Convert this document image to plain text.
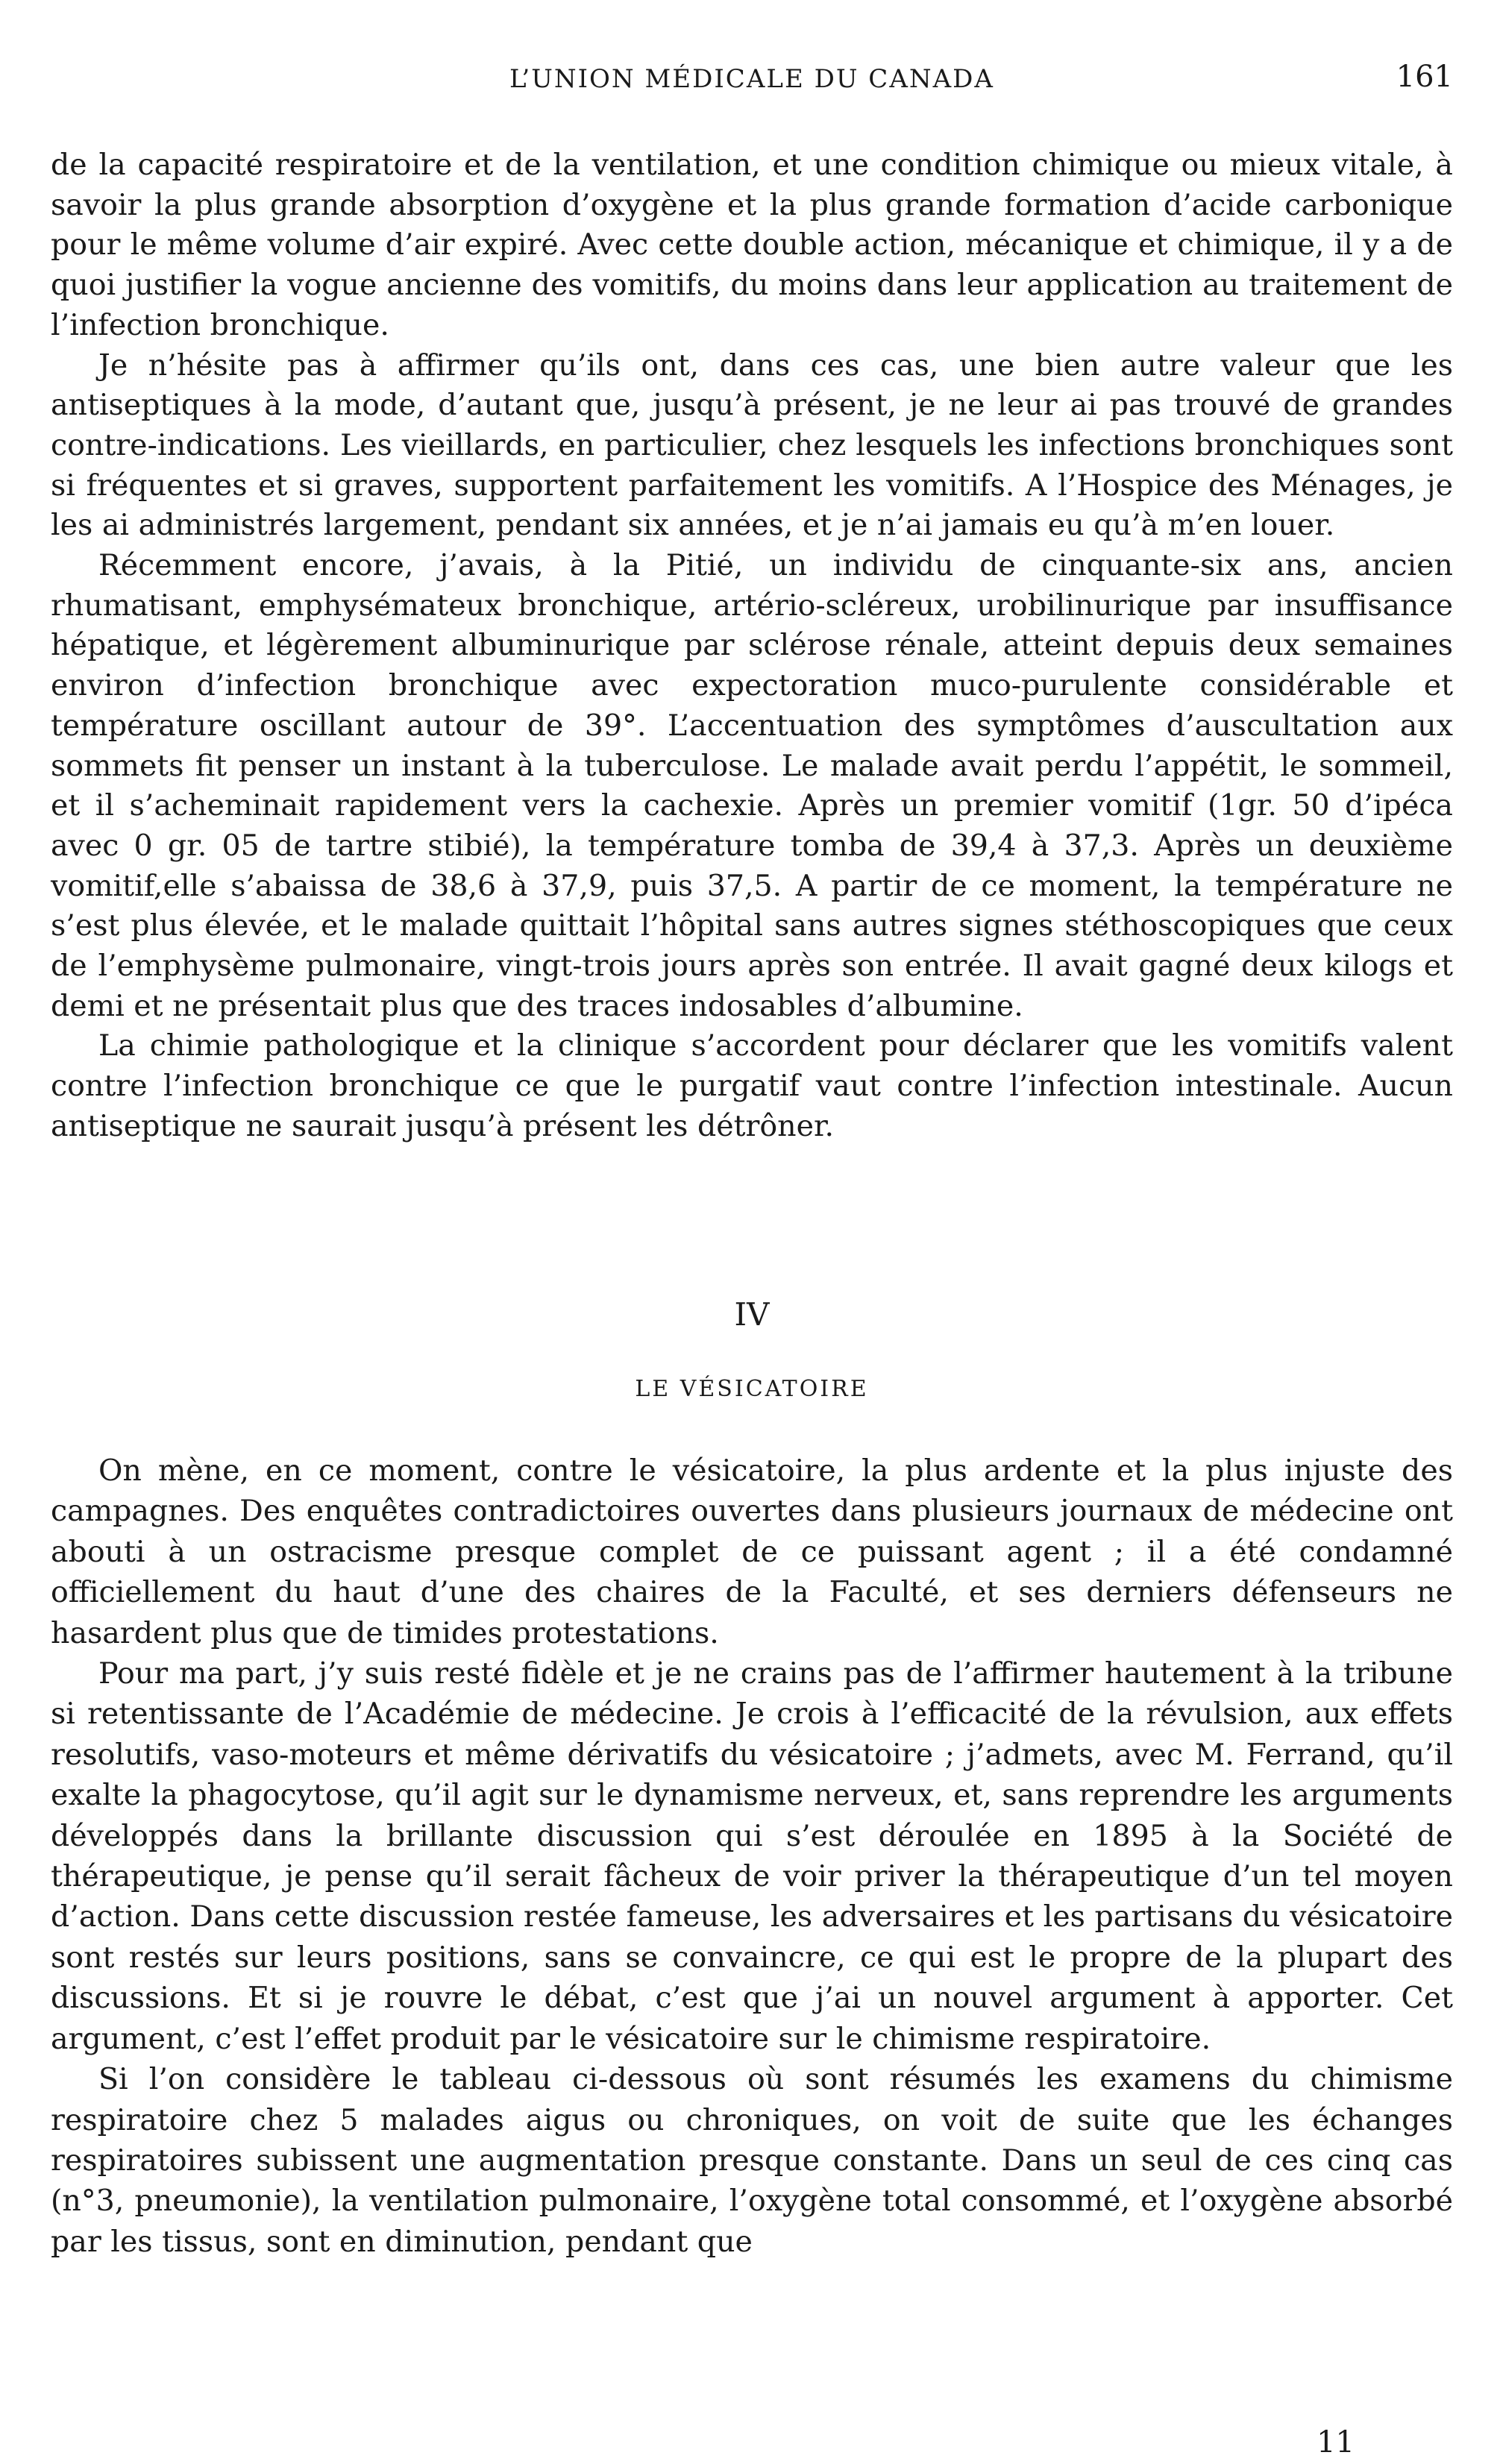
L’UNION MÉDICALE DU CANADA	161

de la capacité respiratoire et de la ventilation, et une condition chimique ou mieux vitale, à savoir la plus grande absorption d’oxygène et la plus grande formation d’acide carbonique pour le même volume d’air expiré. Avec cette double action, mécanique et chimique, il y a de quoi justifier la vogue ancienne des vomitifs, du moins dans leur application au traitement de l’infection bronchique.

Je n’hésite pas à affirmer qu’ils ont, dans ces cas, une bien autre valeur que les antiseptiques à la mode, d’autant que, jusqu’à présent, je ne leur ai pas trouvé de grandes contre-indications. Les vieillards, en particulier, chez lesquels les infections bronchiques sont si fréquentes et si graves, supportent parfaitement les vomitifs. A l’Hospice des Ménages, je les ai administrés largement, pendant six années, et je n’ai jamais eu qu’à m’en louer.

Récemment encore, j’avais, à la Pitié, un individu de cinquante-six ans, ancien rhumatisant, emphysémateux bronchique, artério-scléreux, urobilinurique par insuffisance hépatique, et légèrement albuminurique par sclérose rénale, atteint depuis deux semaines environ d’infection bronchique avec expectoration muco-purulente considérable et température oscillant autour de 39°. L’accentuation des symptômes d’auscultation aux sommets fit penser un instant à la tuberculose. Le malade avait perdu l’appétit, le sommeil, et il s’acheminait rapidement vers la cachexie. Après un premier vomitif (1gr. 50 d’ipéca avec 0 gr. 05 de tartre stibié), la température tomba de 39,4 à 37,3. Après un deuxième vomitif,elle s’abaissa de 38,6 à 37,9, puis 37,5. A partir de ce moment, la température ne s’est plus élevée, et le malade quittait l’hôpital sans autres signes stéthoscopiques que ceux de l’emphysème pulmonaire, vingt-trois jours après son entrée. Il avait gagné deux kilogs et demi et ne présentait plus que des traces indosables d’albumine.

La chimie pathologique et la clinique s’accordent pour déclarer que les vomitifs valent contre l’infection bronchique ce que le purgatif vaut contre l’infection intestinale. Aucun antiseptique ne saurait jusqu’à présent les détrôner.

IV
LE VÉSICATOIRE

On mène, en ce moment, contre le vésicatoire, la plus ardente et la plus injuste des campagnes. Des enquêtes contradictoires ouvertes dans plusieurs journaux de médecine ont abouti à un ostracisme presque complet de ce puissant agent ; il a été condamné officiellement du haut d’une des chaires de la Faculté, et ses derniers défenseurs ne hasardent plus que de timides protestations.

Pour ma part, j’y suis resté fidèle et je ne crains pas de l’affirmer hautement à la tribune si retentissante de l’Académie de médecine. Je crois à l’efficacité de la révulsion, aux effets resolutifs, vaso-moteurs et même dérivatifs du vésicatoire ; j’admets, avec M. Ferrand, qu’il exalte la phagocytose, qu’il agit sur le dynamisme nerveux, et, sans reprendre les arguments développés dans la brillante discussion qui s’est déroulée en 1895 à la Société de thérapeutique, je pense qu’il serait fâcheux de voir priver la thérapeutique d’un tel moyen d’action. Dans cette discussion restée fameuse, les adversaires et les partisans du vésicatoire sont restés sur leurs positions, sans se convaincre, ce qui est le propre de la plupart des discussions. Et si je rouvre le débat, c’est que j’ai un nouvel argument à apporter. Cet argument, c’est l’effet produit par le vésicatoire sur le chimisme respiratoire.

Si l’on considère le tableau ci-dessous où sont résumés les examens du chimisme respiratoire chez 5 malades aigus ou chroniques, on voit de suite que les échanges respiratoires subissent une augmentation presque constante. Dans un seul de ces cinq cas (n°3, pneumonie), la ventilation pulmonaire, l’oxygène total consommé, et l’oxygène absorbé par les tissus, sont en diminution, pendant que

11
